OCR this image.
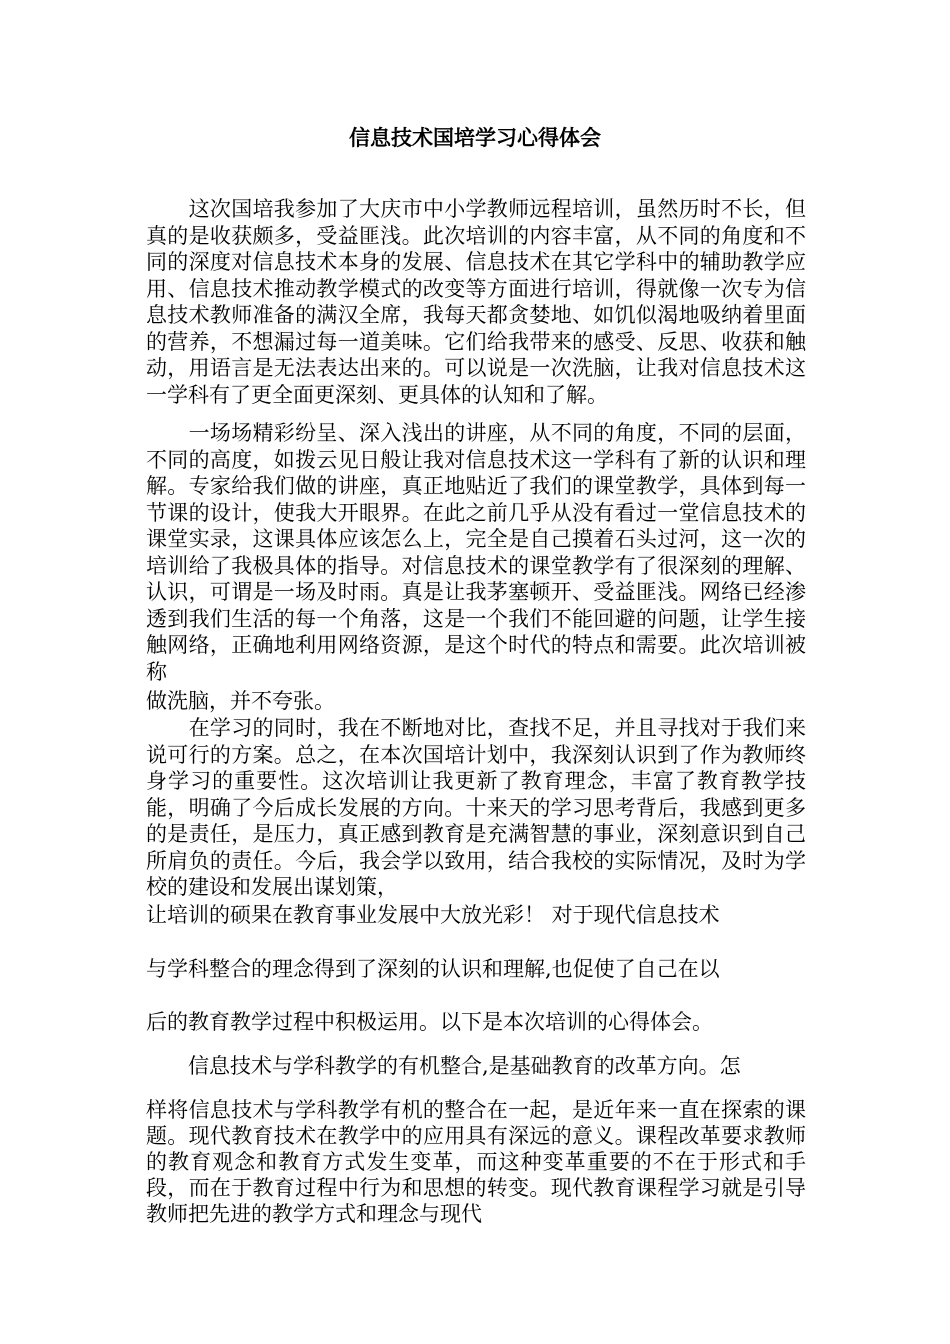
信息技术国培学习心得体会

　　这次国培我参加了大庆市中小学教师远程培训，虽然历时不长，但真的是收获颇多，受益匪浅。此次培训的内容丰富，从不同的角度和不同的深度对信息技术本身的发展、信息技术在其它学科中的辅助教学应用、信息技术推动教学模式的改变等方面进行培训，得就像一次专为信息技术教师准备的满汉全席，我每天都贪婪地、如饥似渴地吸纳着里面的营养，不想漏过每一道美味。它们给我带来的感受、反思、收获和触动，用语言是无法表达出来的。可以说是一次洗脑，让我对信息技术这一学科有了更全面更深刻、更具体的认知和了解。

　　一场场精彩纷呈、深入浅出的讲座，从不同的角度，不同的层面，不同的高度，如拨云见日般让我对信息技术这一学科有了新的认识和理解。专家给我们做的讲座，真正地贴近了我们的课堂教学，具体到每一节课的设计，使我大开眼界。在此之前几乎从没有看过一堂信息技术的课堂实录，这课具体应该怎么上，完全是自己摸着石头过河，这一次的培训给了我极具体的指导。对信息技术的课堂教学有了很深刻的理解、认识，可谓是一场及时雨。真是让我茅塞顿开、受益匪浅。网络已经渗透到我们生活的每一个角落，这是一个我们不能回避的问题，让学生接触网络，正确地利用网络资源，是这个时代的特点和需要。此次培训被称

做洗脑，并不夸张。

　　在学习的同时，我在不断地对比，查找不足，并且寻找对于我们来说可行的方案。总之，在本次国培计划中，我深刻认识到了作为教师终身学习的重要性。这次培训让我更新了教育理念，丰富了教育教学技能，明确了今后成长发展的方向。十来天的学习思考背后，我感到更多的是责任，是压力，真正感到教育是充满智慧的事业，深刻意识到自己所肩负的责任。今后，我会学以致用，结合我校的实际情况，及时为学校的建设和发展出谋划策，

让培训的硕果在教育事业发展中大放光彩！ 对于现代信息技术

与学科整合的理念得到了深刻的认识和理解,也促使了自己在以

后的教育教学过程中积极运用。以下是本次培训的心得体会。

　　信息技术与学科教学的有机整合,是基础教育的改革方向。怎

样将信息技术与学科教学有机的整合在一起，是近年来一直在探索的课题。现代教育技术在教学中的应用具有深远的意义。课程改革要求教师的教育观念和教育方式发生变革，而这种变革重要的不在于形式和手段，而在于教育过程中行为和思想的转变。现代教育课程学习就是引导教师把先进的教学方式和理念与现代
